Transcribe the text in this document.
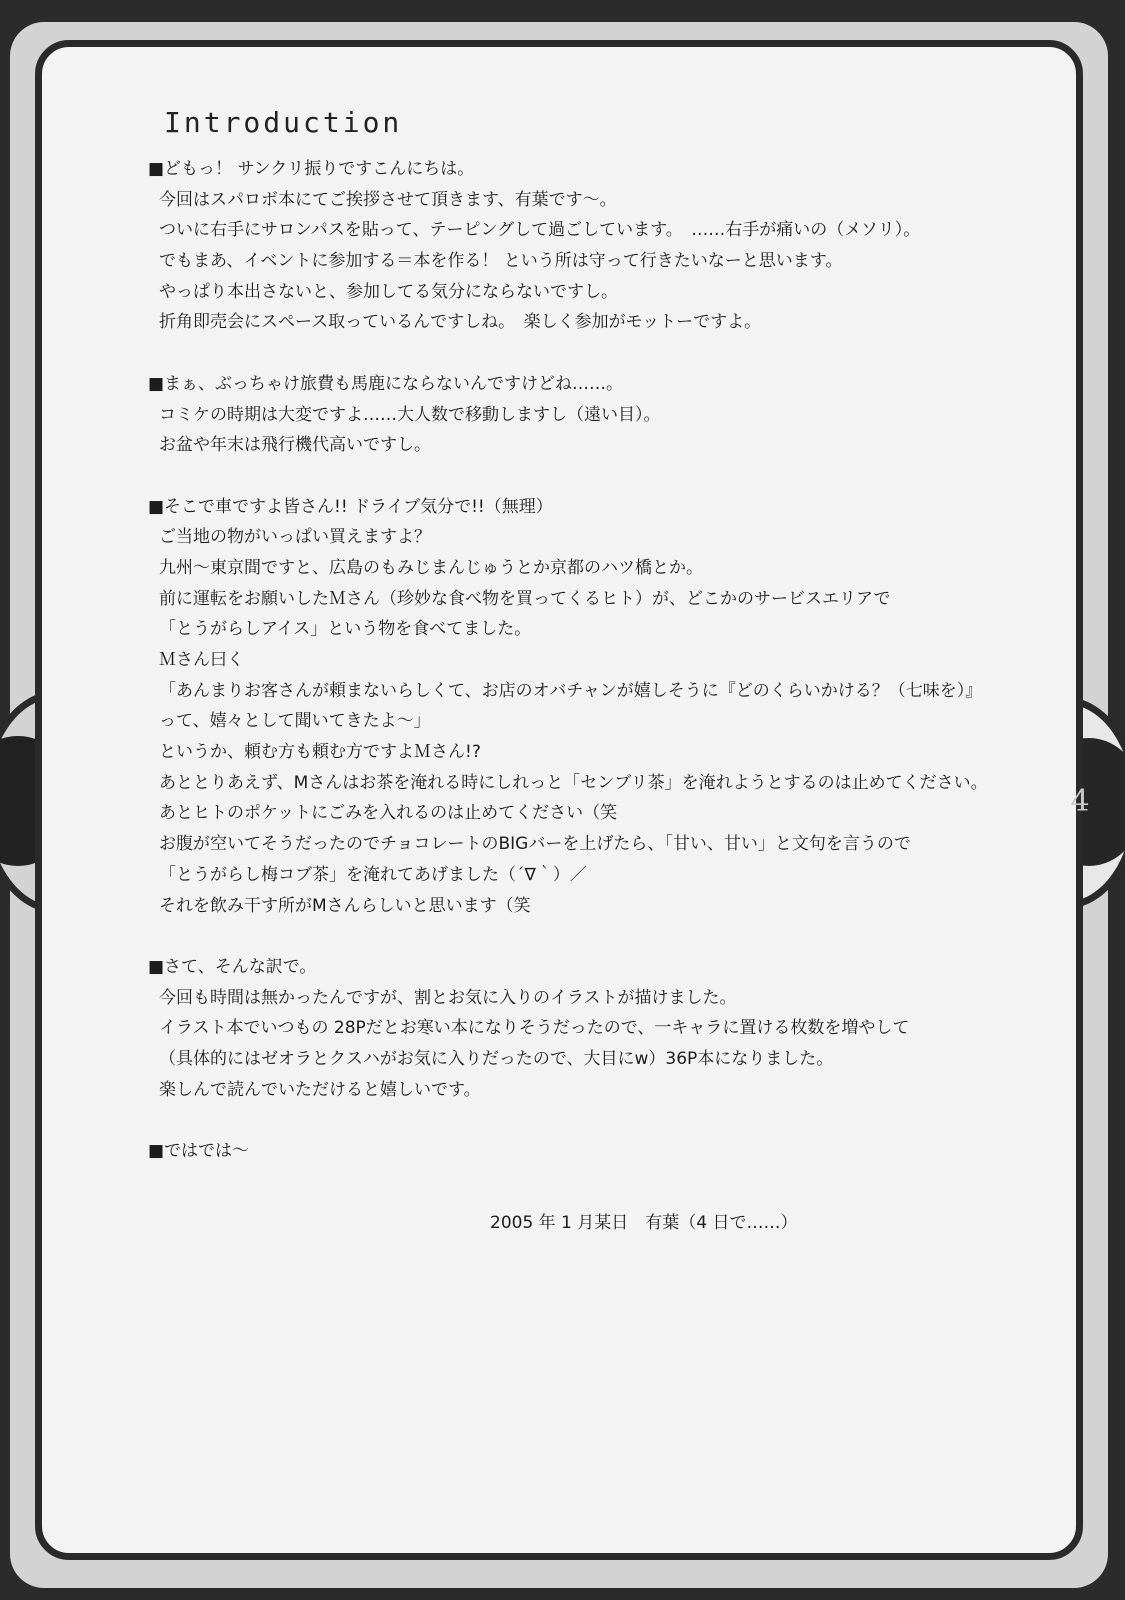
4
Introduction
■どもっ！ サンクリ振りですこんにちは。
今回はスパロボ本にてご挨拶させて頂きます、有葉です〜。
ついに右手にサロンパスを貼って、テーピングして過ごしています。　……右手が痛いの（メソリ）。
でもまあ、イベントに参加する＝本を作る！ という所は守って行きたいなーと思います。
やっぱり本出さないと、参加してる気分にならないですし。
折角即売会にスペース取っているんですしね。　楽しく参加がモットーですよ。
■まぁ、ぶっちゃけ旅費も馬鹿にならないんですけどね……。
コミケの時期は大変ですよ……大人数で移動しますし（遠い目）。
お盆や年末は飛行機代高いですし。
■そこで車ですよ皆さん!! ドライブ気分で!!（無理）
ご当地の物がいっぱい買えますよ？
九州〜東京間ですと、広島のもみじまんじゅうとか京都のハツ橋とか。
前に運転をお願いしたＭさん（珍妙な食べ物を買ってくるヒト）が、どこかのサービスエリアで
「とうがらしアイス」という物を食べてました。
Ｍさん曰く
「あんまりお客さんが頼まないらしくて、お店のオバチャンが嬉しそうに『どのくらいかける？（七味を）』
って、嬉々として聞いてきたよ〜」
というか、頼む方も頼む方ですよＭさん!?
あととりあえず、Mさんはお茶を淹れる時にしれっと「センブリ茶」を淹れようとするのは止めてください。
あとヒトのポケットにごみを入れるのは止めてください（笑
お腹が空いてそうだったのでチョコレートのBIGバーを上げたら、「甘い、甘い」と文句を言うので
「とうがらし梅コブ茶」を淹れてあげました（´∇｀）／
それを飲み干す所がMさんらしいと思います（笑
■さて、そんな訳で。
今回も時間は無かったんですが、割とお気に入りのイラストが描けました。
イラスト本でいつもの 28Pだとお寒い本になりそうだったので、一キャラに置ける枚数を増やして
（具体的にはゼオラとクスハがお気に入りだったので、大目にw）36P本になりました。
楽しんで読んでいただけると嬉しいです。
■ではでは〜
2005 年 1 月某日　有葉（4 日で……）
